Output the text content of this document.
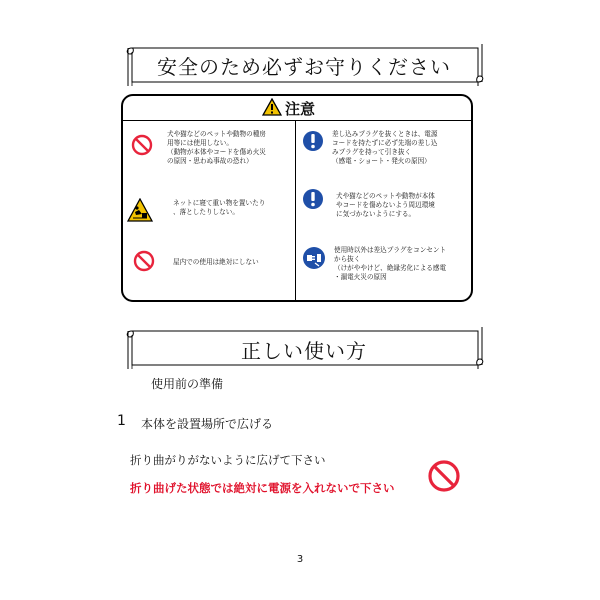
安全のため必ずお守りください
注意
犬や猫などのペットや動物の種房
用等には使用しない。
（動物が本体やコードを傷め火災
の原因・思わぬ事故の恐れ）
差し込みプラグを抜くときは、電源
コードを持たずに必ず先端の差し込
みプラグを持って引き抜く
（感電・ショート・発火の原因）
ネットに寝て重い物を置いたり
、落としたりしない。
犬や猫などのペットや動物が本体
やコードを傷めないよう周辺環境
に気づかないようにする。
屋内での使用は絶対にしない
使用時以外は差込プラグをコンセント
から抜く
（けがややけど、絶縁劣化による感電
・漏電火災の原因
正しい使い方
使用前の準備
1 本体を設置場所で広げる
折り曲がりがないように広げて下さい
折り曲げた状態では絶対に電源を入れないで下さい
3
